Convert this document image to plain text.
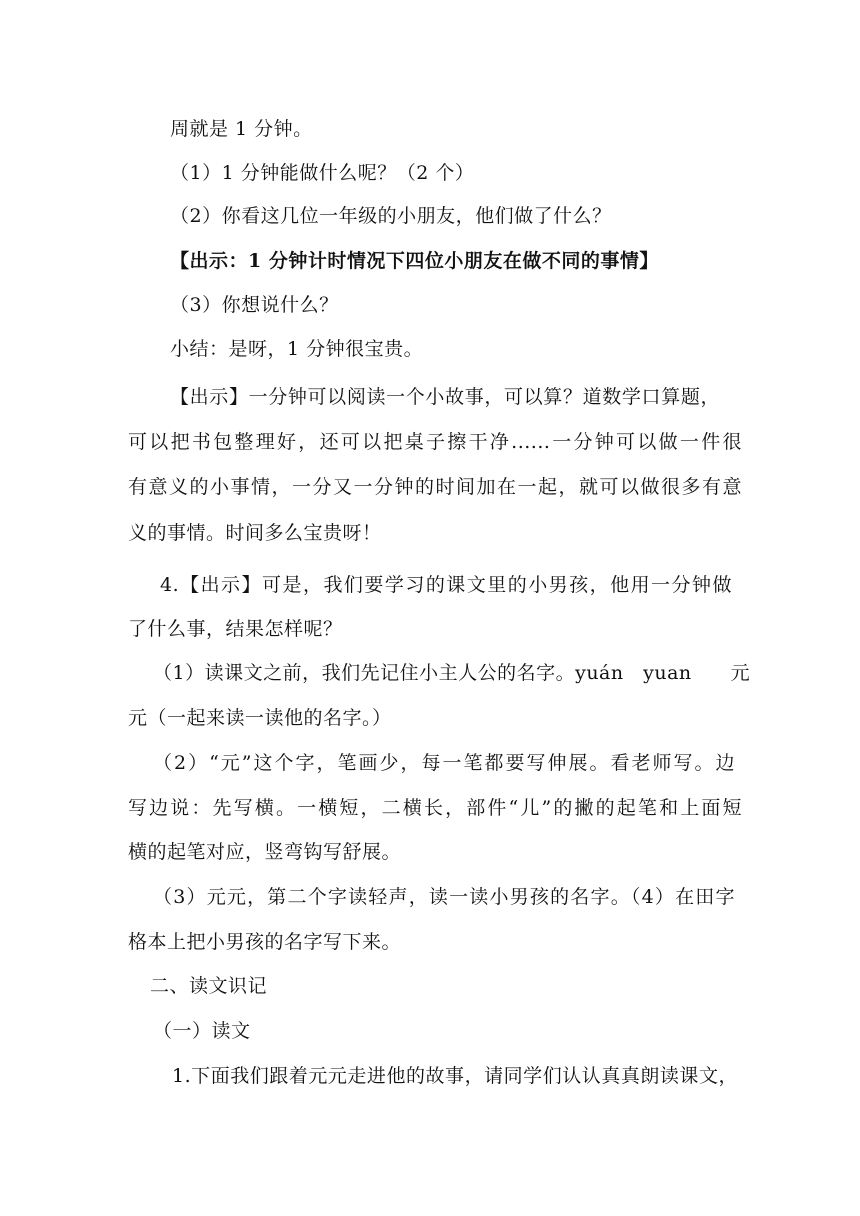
周就是 1 分钟。
（1）1 分钟能做什么呢？（2 个）
（2）你看这几位一年级的小朋友，他们做了什么？
【出示：1 分钟计时情况下四位小朋友在做不同的事情】
（3）你想说什么？
小结：是呀，1 分钟很宝贵。
【出示】一分钟可以阅读一个小故事，可以算？道数学口算题，
可以把书包整理好，还可以把桌子擦干净......一分钟可以做一件很
有意义的小事情，一分又一分钟的时间加在一起，就可以做很多有意
义的事情。时间多么宝贵呀！
4.【出示】可是，我们要学习的课文里的小男孩，他用一分钟做
了什么事，结果怎样呢？
（1）读课文之前，我们先记住小主人公的名字。yuán　yuan　　元
元（一起来读一读他的名字。）
（2）“元”这个字，笔画少，每一笔都要写伸展。看老师写。边
写边说：先写横。一横短，二横长，部件“儿”的撇的起笔和上面短
横的起笔对应，竖弯钩写舒展。
（3）元元，第二个字读轻声，读一读小男孩的名字。（4）在田字
格本上把小男孩的名字写下来。
二、读文识记
（一）读文
1.下面我们跟着元元走进他的故事，请同学们认认真真朗读课文，
